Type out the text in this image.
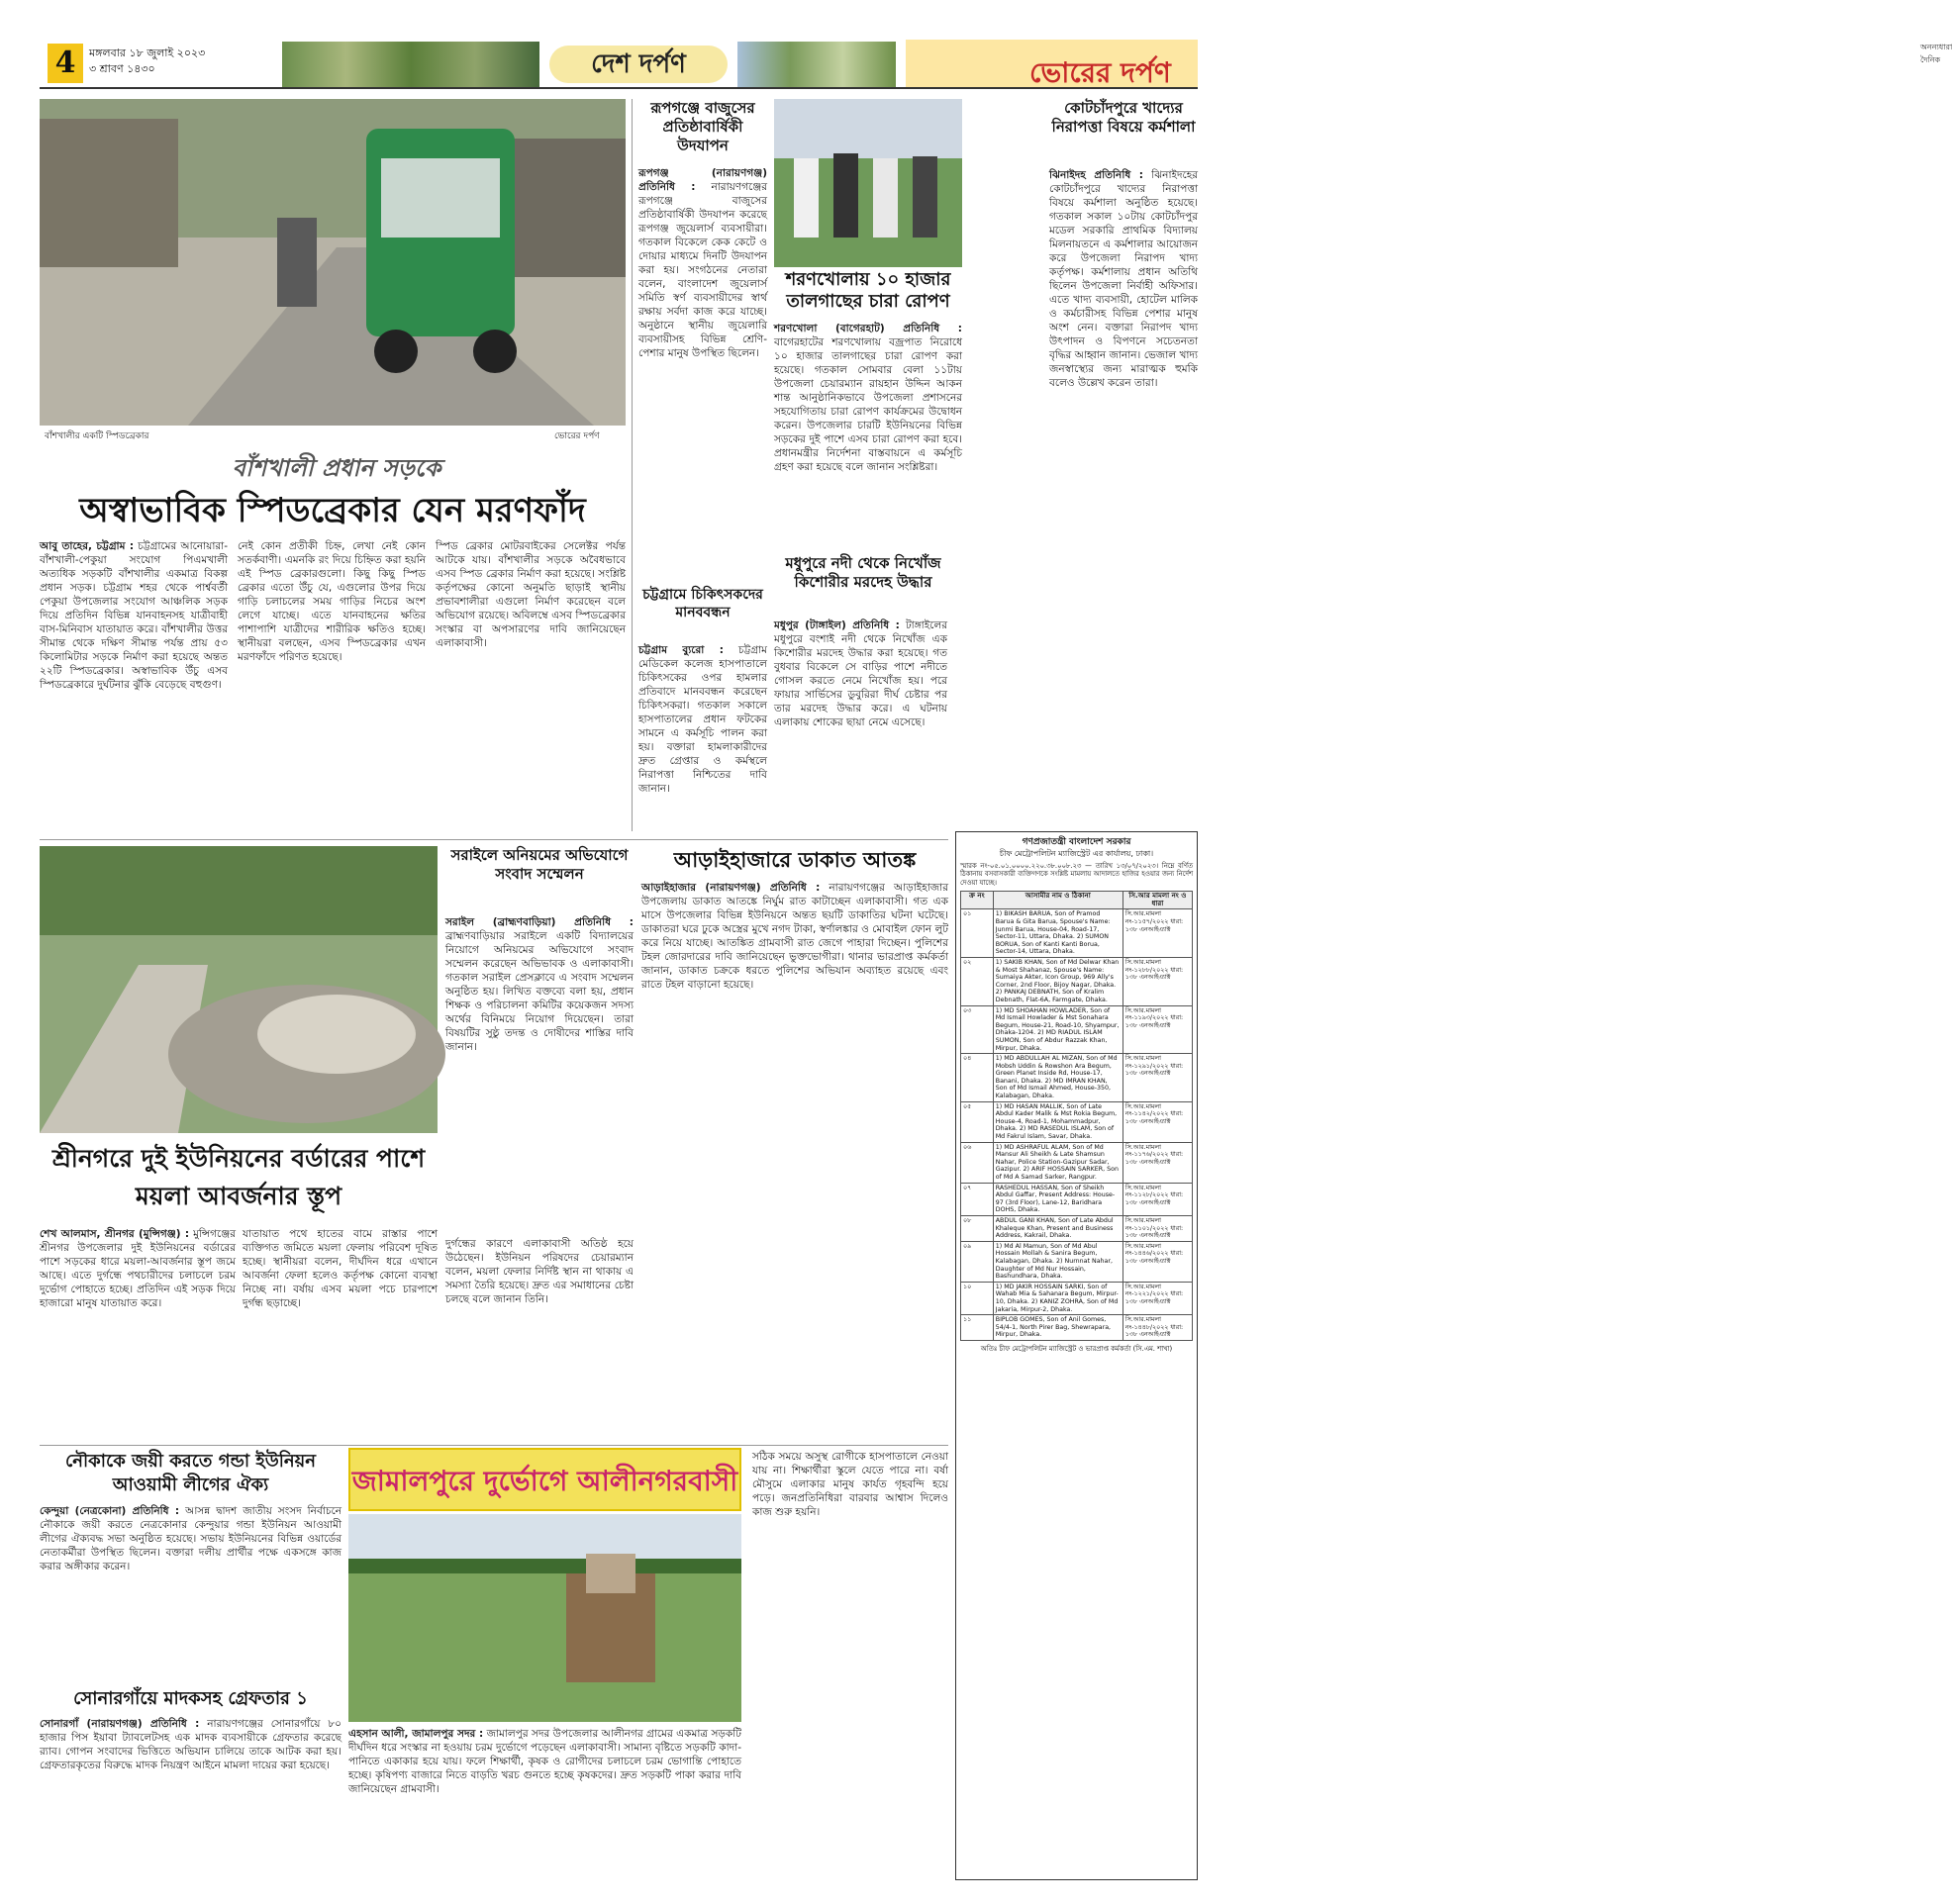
4	মঙ্গলবার ১৮ জুলাই ২০২৩
৩ শ্রাবণ ১৪৩০	দেশ দর্পণ
অনন্যধারা দৈনিক
ভোরের দর্পণ
বাঁশখালীর একটি স্পিডব্রেকার	ভোরের দর্পণ
বাঁশখালী প্রধান সড়কে
অস্বাভাবিক স্পিডব্রেকার যেন মরণফাঁদ

আবু তাহের, চট্টগ্রাম : চট্টগ্রামের আনোয়ারা-বাঁশখালী-পেকুয়া সংযোগ পিএমখালী অত্যধিক সড়কটি বাঁশখালীর একমাত্র বিকল্প প্রধান সড়ক। চট্টগ্রাম শহর থেকে পার্শ্ববর্তী পেকুয়া উপজেলার সংযোগ আঞ্চলিক সড়ক দিয়ে প্রতিদিন বিভিন্ন যানবাহনসহ যাত্রীবাহী বাস-মিনিবাস যাতায়াত করে। বাঁশখালীর উত্তর সীমান্ত থেকে দক্ষিণ সীমান্ত পর্যন্ত প্রায় ৫৩ কিলোমিটার সড়কে নির্মাণ করা হয়েছে অন্তত ২২টি স্পিডব্রেকার। অস্বাভাবিক উঁচু এসব স্পিডব্রেকারে দুর্ঘটনার ঝুঁকি বেড়েছে বহুগুণ।

নেই কোন প্রতীকী চিহ্ন, লেখা নেই কোন সতর্কবাণী। এমনকি রং দিয়ে চিহ্নিত করা হয়নি এই স্পিড ব্রেকারগুলো। কিছু কিছু স্পিড ব্রেকার এতো উঁচু যে, এগুলোর উপর দিয়ে গাড়ি চলাচলের সময় গাড়ির নিচের অংশ লেগে যাচ্ছে। এতে যানবাহনের ক্ষতির পাশাপাশি যাত্রীদের শারীরিক ক্ষতিও হচ্ছে। স্থানীয়রা বলছেন, এসব স্পিডব্রেকার এখন মরণফাঁদে পরিণত হয়েছে।

স্পিড ব্রেকার মোটরবাইকের সেলেক্টর পর্যন্ত আটকে যায়। বাঁশখালীর সড়কে অবৈধভাবে এসব স্পিড ব্রেকার নির্মাণ করা হয়েছে। সংশ্লিষ্ট কর্তৃপক্ষের কোনো অনুমতি ছাড়াই স্থানীয় প্রভাবশালীরা এগুলো নির্মাণ করেছেন বলে অভিযোগ রয়েছে। অবিলম্বে এসব স্পিডব্রেকার সংস্কার বা অপসারণের দাবি জানিয়েছেন এলাকাবাসী।

রূপগঞ্জে বাজুসের প্রতিষ্ঠাবার্ষিকী উদযাপন

রূপগঞ্জ (নারায়ণগঞ্জ) প্রতিনিধি : নারায়ণগঞ্জের রূপগঞ্জে বাজুসের প্রতিষ্ঠাবার্ষিকী উদযাপন করেছে রূপগঞ্জ জুয়েলার্স ব্যবসায়ীরা। গতকাল বিকেলে কেক কেটে ও দোয়ার মাধ্যমে দিনটি উদযাপন করা হয়। সংগঠনের নেতারা বলেন, বাংলাদেশ জুয়েলার্স সমিতি স্বর্ণ ব্যবসায়ীদের স্বার্থ রক্ষায় সর্বদা কাজ করে যাচ্ছে। অনুষ্ঠানে স্থানীয় জুয়েলারি ব্যবসায়ীসহ বিভিন্ন শ্রেণি-পেশার মানুষ উপস্থিত ছিলেন।

শরণখোলায় ১০ হাজার তালগাছের চারা রোপণ

শরণখোলা (বাগেরহাট) প্রতিনিধি : বাগেরহাটের শরণখোলায় বজ্রপাত নিরোধে ১০ হাজার তালগাছের চারা রোপণ করা হয়েছে। গতকাল সোমবার বেলা ১১টায় উপজেলা চেয়ারম্যান রায়হান উদ্দিন আকন শান্ত আনুষ্ঠানিকভাবে উপজেলা প্রশাসনের সহযোগিতায় চারা রোপণ কার্যক্রমের উদ্বোধন করেন। উপজেলার চারটি ইউনিয়নের বিভিন্ন সড়কের দুই পাশে এসব চারা রোপণ করা হবে। প্রধানমন্ত্রীর নির্দেশনা বাস্তবায়নে এ কর্মসূচি গ্রহণ করা হয়েছে বলে জানান সংশ্লিষ্টরা।

কোটচাঁদপুরে খাদ্যের নিরাপত্তা বিষয়ে কর্মশালা

ঝিনাইদহ প্রতিনিধি : ঝিনাইদহের কোটচাঁদপুরে খাদ্যের নিরাপত্তা বিষয়ে কর্মশালা অনুষ্ঠিত হয়েছে। গতকাল সকাল ১০টায় কোটচাঁদপুর মডেল সরকারি প্রাথমিক বিদ্যালয় মিলনায়তনে এ কর্মশালার আয়োজন করে উপজেলা নিরাপদ খাদ্য কর্তৃপক্ষ। কর্মশালায় প্রধান অতিথি ছিলেন উপজেলা নির্বাহী অফিসার। এতে খাদ্য ব্যবসায়ী, হোটেল মালিক ও কর্মচারীসহ বিভিন্ন পেশার মানুষ অংশ নেন। বক্তারা নিরাপদ খাদ্য উৎপাদন ও বিপণনে সচেতনতা বৃদ্ধির আহ্বান জানান। ভেজাল খাদ্য জনস্বাস্থ্যের জন্য মারাত্মক হুমকি বলেও উল্লেখ করেন তারা।

মধুপুরে নদী থেকে নিখোঁজ কিশোরীর মরদেহ উদ্ধার

মধুপুর (টাঙ্গাইল) প্রতিনিধি : টাঙ্গাইলের মধুপুরে বংশাই নদী থেকে নিখোঁজ এক কিশোরীর মরদেহ উদ্ধার করা হয়েছে। গত বুধবার বিকেলে সে বাড়ির পাশে নদীতে গোসল করতে নেমে নিখোঁজ হয়। পরে ফায়ার সার্ভিসের ডুবুরিরা দীর্ঘ চেষ্টার পর তার মরদেহ উদ্ধার করে। এ ঘটনায় এলাকায় শোকের ছায়া নেমে এসেছে।

চট্টগ্রামে চিকিৎসকদের মানববন্ধন

চট্টগ্রাম ব্যুরো : চট্টগ্রাম মেডিকেল কলেজ হাসপাতালে চিকিৎসকের ওপর হামলার প্রতিবাদে মানববন্ধন করেছেন চিকিৎসকরা। গতকাল সকালে হাসপাতালের প্রধান ফটকের সামনে এ কর্মসূচি পালন করা হয়। বক্তারা হামলাকারীদের দ্রুত গ্রেপ্তার ও কর্মস্থলে নিরাপত্তা নিশ্চিতের দাবি জানান।

শ্রীনগরে দুই ইউনিয়নের বর্ডারের পাশে ময়লা আবর্জনার স্তূপ

শেখ আলমাস, শ্রীনগর (মুন্সিগঞ্জ) : মুন্সিগঞ্জের শ্রীনগর উপজেলার দুই ইউনিয়নের বর্ডারের পাশে সড়কের ধারে ময়লা-আবর্জনার স্তূপ জমে আছে। এতে দুর্গন্ধে পথচারীদের চলাচলে চরম দুর্ভোগ পোহাতে হচ্ছে। প্রতিদিন এই সড়ক দিয়ে হাজারো মানুষ যাতায়াত করে।

যাতায়াত পথে হাতের বামে রাস্তার পাশে ব্যক্তিগত জমিতে ময়লা ফেলায় পরিবেশ দূষিত হচ্ছে। স্থানীয়রা বলেন, দীর্ঘদিন ধরে এখানে আবর্জনা ফেলা হলেও কর্তৃপক্ষ কোনো ব্যবস্থা নিচ্ছে না। বর্ষায় এসব ময়লা পচে চারপাশে দুর্গন্ধ ছড়াচ্ছে।

দুর্গন্ধের কারণে এলাকাবাসী অতিষ্ঠ হয়ে উঠেছেন। ইউনিয়ন পরিষদের চেয়ারম্যান বলেন, ময়লা ফেলার নির্দিষ্ট স্থান না থাকায় এ সমস্যা তৈরি হয়েছে। দ্রুত এর সমাধানের চেষ্টা চলছে বলে জানান তিনি।

সরাইলে অনিয়মের অভিযোগে সংবাদ সম্মেলন

সরাইল (ব্রাহ্মণবাড়িয়া) প্রতিনিধি : ব্রাহ্মণবাড়িয়ার সরাইলে একটি বিদ্যালয়ের নিয়োগে অনিয়মের অভিযোগে সংবাদ সম্মেলন করেছেন অভিভাবক ও এলাকাবাসী। গতকাল সরাইল প্রেসক্লাবে এ সংবাদ সম্মেলন অনুষ্ঠিত হয়। লিখিত বক্তব্যে বলা হয়, প্রধান শিক্ষক ও পরিচালনা কমিটির কয়েকজন সদস্য অর্থের বিনিময়ে নিয়োগ দিয়েছেন। তারা বিষয়টির সুষ্ঠু তদন্ত ও দোষীদের শাস্তির দাবি জানান।

আড়াইহাজারে ডাকাত আতঙ্ক

আড়াইহাজার (নারায়ণগঞ্জ) প্রতিনিধি : নারায়ণগঞ্জের আড়াইহাজার উপজেলায় ডাকাত আতঙ্কে নির্ঘুম রাত কাটাচ্ছেন এলাকাবাসী। গত এক মাসে উপজেলার বিভিন্ন ইউনিয়নে অন্তত ছয়টি ডাকাতির ঘটনা ঘটেছে। ডাকাতরা ঘরে ঢুকে অস্ত্রের মুখে নগদ টাকা, স্বর্ণালঙ্কার ও মোবাইল ফোন লুট করে নিয়ে যাচ্ছে। আতঙ্কিত গ্রামবাসী রাত জেগে পাহারা দিচ্ছেন। পুলিশের টহল জোরদারের দাবি জানিয়েছেন ভুক্তভোগীরা। থানার ভারপ্রাপ্ত কর্মকর্তা জানান, ডাকাত চক্রকে ধরতে পুলিশের অভিযান অব্যাহত রয়েছে এবং রাতে টহল বাড়ানো হয়েছে।

নৌকাকে জয়ী করতে গন্ডা ইউনিয়ন আওয়ামী লীগের ঐক্য

কেন্দুয়া (নেত্রকোনা) প্রতিনিধি : আসন্ন দ্বাদশ জাতীয় সংসদ নির্বাচনে নৌকাকে জয়ী করতে নেত্রকোনার কেন্দুয়ার গন্ডা ইউনিয়ন আওয়ামী লীগের ঐক্যবদ্ধ সভা অনুষ্ঠিত হয়েছে। সভায় ইউনিয়নের বিভিন্ন ওয়ার্ডের নেতাকর্মীরা উপস্থিত ছিলেন। বক্তারা দলীয় প্রার্থীর পক্ষে একসঙ্গে কাজ করার অঙ্গীকার করেন।

সোনারগাঁয়ে মাদকসহ গ্রেফতার ১

সোনারগাঁ (নারায়ণগঞ্জ) প্রতিনিধি : নারায়ণগঞ্জের সোনারগাঁয়ে ৮০ হাজার পিস ইয়াবা ট্যাবলেটসহ এক মাদক ব্যবসায়ীকে গ্রেফতার করেছে র‍্যাব। গোপন সংবাদের ভিত্তিতে অভিযান চালিয়ে তাকে আটক করা হয়। গ্রেফতারকৃতের বিরুদ্ধে মাদক নিয়ন্ত্রণ আইনে মামলা দায়ের করা হয়েছে।

জামালপুরে দুর্ভোগে আলীনগরবাসী

এহসান আলী, জামালপুর সদর : জামালপুর সদর উপজেলার আলীনগর গ্রামের একমাত্র সড়কটি দীর্ঘদিন ধরে সংস্কার না হওয়ায় চরম দুর্ভোগে পড়েছেন এলাকাবাসী। সামান্য বৃষ্টিতে সড়কটি কাদা-পানিতে একাকার হয়ে যায়। ফলে শিক্ষার্থী, কৃষক ও রোগীদের চলাচলে চরম ভোগান্তি পোহাতে হচ্ছে। কৃষিপণ্য বাজারে নিতে বাড়তি খরচ গুনতে হচ্ছে কৃষকদের। দ্রুত সড়কটি পাকা করার দাবি জানিয়েছেন গ্রামবাসী।

সঠিক সময়ে অসুস্থ রোগীকে হাসপাতালে নেওয়া যায় না। শিক্ষার্থীরা স্কুলে যেতে পারে না। বর্ষা মৌসুমে এলাকার মানুষ কার্যত গৃহবন্দি হয়ে পড়ে। জনপ্রতিনিধিরা বারবার আশ্বাস দিলেও কাজ শুরু হয়নি।

গণপ্রজাতন্ত্রী বাংলাদেশ সরকার
চীফ মেট্রোপলিটন ম্যাজিস্ট্রেট এর কার্যালয়, ঢাকা।
স্মারক নং-০৫.০১.০০০০.২২০.৩৮.০০৮.২৩ — তারিখ ১৩/০৭/২০২৩। নিম্নে বর্ণিত ঠিকানায় বসবাসকারী ব্যক্তিগণকে সংশ্লিষ্ট মামলায় আদালতে হাজির হওয়ার জন্য নির্দেশ দেওয়া যাচ্ছে।
ক্র নং	আসামীর নাম ও ঠিকানা	সি.আর মামলা নং ও ধারা
০১	1) BIKASH BARUA, Son of Pramod Barua & Gita Barua, Spouse's Name: Junmi Barua, House-04, Road-17, Sector-11, Uttara, Dhaka. 2) SUMON BORUA, Son of Kanti Kanti Borua, Sector-14, Uttara, Dhaka.	সি.আর.মামলা নং-১১৫৭/২০২২ ধারা: ১৩৮ এনআইএ্যাক্ট
০২	1) SAKIB KHAN, Son of Md Delwar Khan & Most Shahanaz, Spouse's Name: Sumaiya Akter, Icon Group, 969 Ally's Corner, 2nd Floor, Bijoy Nagar, Dhaka. 2) PANKAJ DEBNATH, Son of Kralim Debnath, Flat-6A, Farmgate, Dhaka.	সি.আর.মামলা নং-১২৮৮/২০২২ ধারা: ১৩৮ এনআইএ্যাক্ট
০৩	1) MD SHOAHAN HOWLADER, Son of Md Ismail Howlader & Mst Sonahara Begum, House-21, Road-10, Shyampur, Dhaka-1204. 2) MD RIADUL ISLAM SUMON, Son of Abdur Razzak Khan, Mirpur, Dhaka.	সি.আর.মামলা নং-১১৯৩/২০২২ ধারা: ১৩৮ এনআইএ্যাক্ট
০৪	1) MD ABDULLAH AL MIZAN, Son of Md Mobsh Uddin & Rowshon Ara Begum, Green Planet Inside Rd, House-17, Banani, Dhaka. 2) MD IMRAN KHAN, Son of Md Ismail Ahmed, House-350, Kalabagan, Dhaka.	সি.আর.মামলা নং-১২৯১/২০২২ ধারা: ১৩৮ এনআইএ্যাক্ট
০৫	1) MD HASAN MALLIK, Son of Late Abdul Kader Malik & Mst Rokia Begum, House-4, Road-1, Mohammadpur, Dhaka. 2) MD RASEDUL ISLAM, Son of Md Fakrul Islam, Savar, Dhaka.	সি.আর.মামলা নং-১১৪২/২০২২ ধারা: ১৩৮ এনআইএ্যাক্ট
০৬	1) MD ASHRAFUL ALAM, Son of Md Mansur Ali Sheikh & Late Shamsun Nahar, Police Station-Gazipur Sadar, Gazipur. 2) ARIF HOSSAIN SARKER, Son of Md A Samad Sarker, Rangpur.	সি.আর.মামলা নং-১১৭৬/২০২২ ধারা: ১৩৮ এনআইএ্যাক্ট
০৭	RASHEDUL HASSAN, Son of Sheikh Abdul Gaffar, Present Address: House-97 (3rd Floor), Lane-12, Baridhara DOHS, Dhaka.	সি.আর.মামলা নং-১১২৮/২০২২ ধারা: ১৩৮ এনআইএ্যাক্ট
০৮	ABDUL GANI KHAN, Son of Late Abdul Khaleque Khan, Present and Business Address, Kakrail, Dhaka.	সি.আর.মামলা নং-১১০১/২০২২ ধারা: ১৩৮ এনআইএ্যাক্ট
০৯	1) Md Al Mamun, Son of Md Abul Hossain Mollah & Sanira Begum, Kalabagan, Dhaka. 2) Nurnnat Nahar, Daughter of Md Nur Hossain, Bashundhara, Dhaka.	সি.আর.মামলা নং-১৪৪৬/২০২২ ধারা: ১৩৮ এনআইএ্যাক্ট
১০	1) MD JAKIR HOSSAIN SARKI, Son of Wahab Mia & Sahanara Begum, Mirpur-10, Dhaka. 2) KANIZ ZOHRA, Son of Md Jakaria, Mirpur-2, Dhaka.	সি.আর.মামলা নং-১২২১/২০২২ ধারা: ১৩৮ এনআইএ্যাক্ট
১১	BIPLOB GOMES, Son of Anil Gomes, 54/4-1, North Pirer Bag, Shewrapara, Mirpur, Dhaka.	সি.আর.মামলা নং-১৪৪৮/২০২২ ধারা: ১৩৮ এনআইএ্যাক্ট
অতিঃ চীফ মেট্রোপলিটন ম্যাজিস্ট্রেট ও ভারপ্রাপ্ত কর্মকর্তা (সি.এম. শাখা)
